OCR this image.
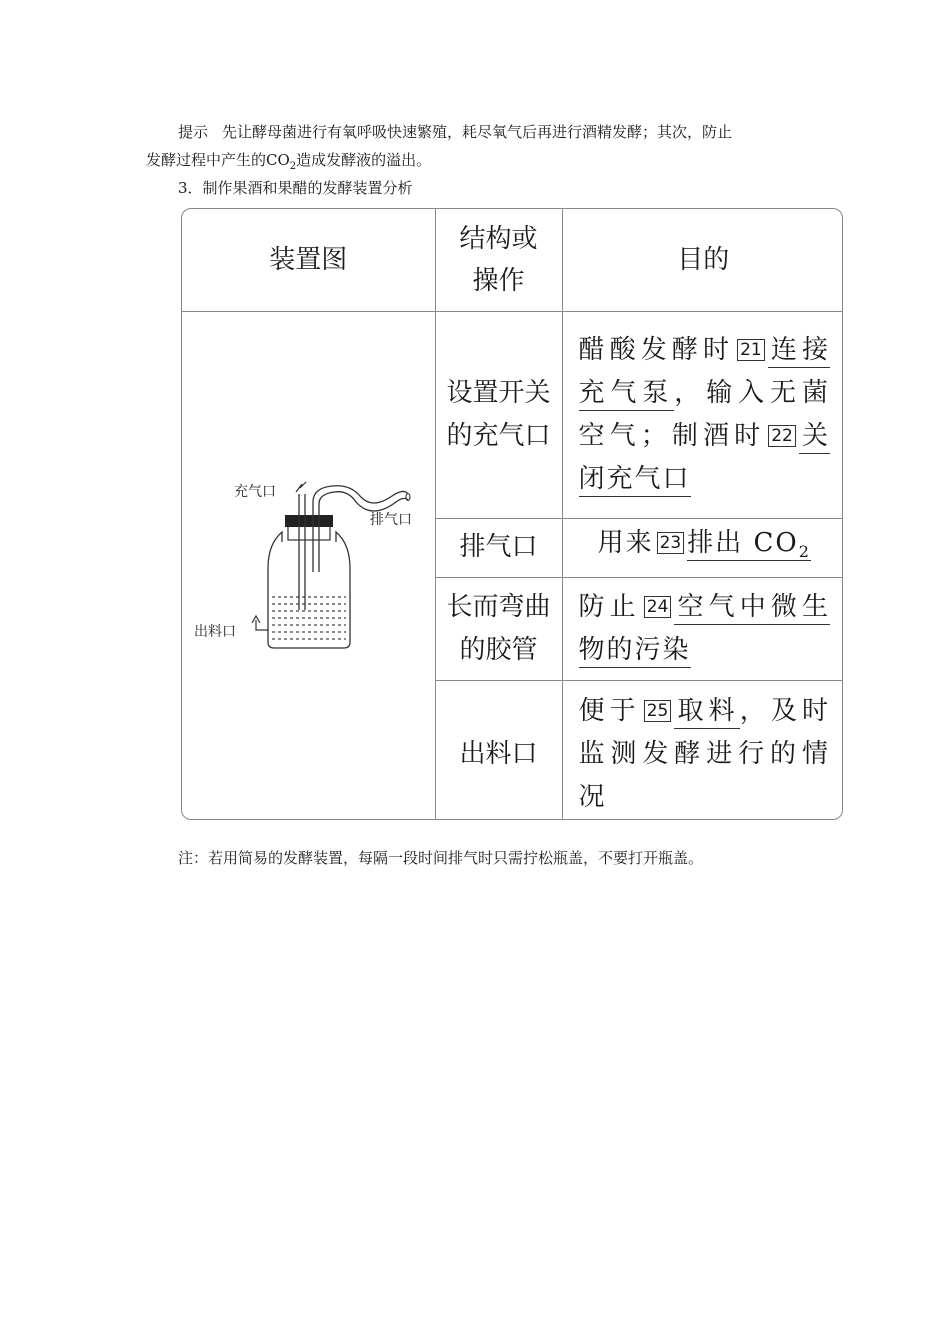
提示 先让酵母菌进行有氧呼吸快速繁殖，耗尽氧气后再进行酒精发酵；其次，防止
发酵过程中产生的$CO_2$造成发酵液的溢出。
3．制作果酒和果醋的发酵装置分析
装置图	结构或操作	目的

充气口
排气口
出料口	设置开关的充气口	醋酸发酵时 21 连接充气泵，输入无菌空气；制酒时 22 关闭充气口
	排气口	用来 23 排出 $CO_2$

	长而弯曲的胶管	防止 24 空气中微生物的污染
	出料口	便于 25 取料，及时监测发酵进行的情况
注：若用简易的发酵装置，每隔一段时间排气时只需拧松瓶盖，不要打开瓶盖。
